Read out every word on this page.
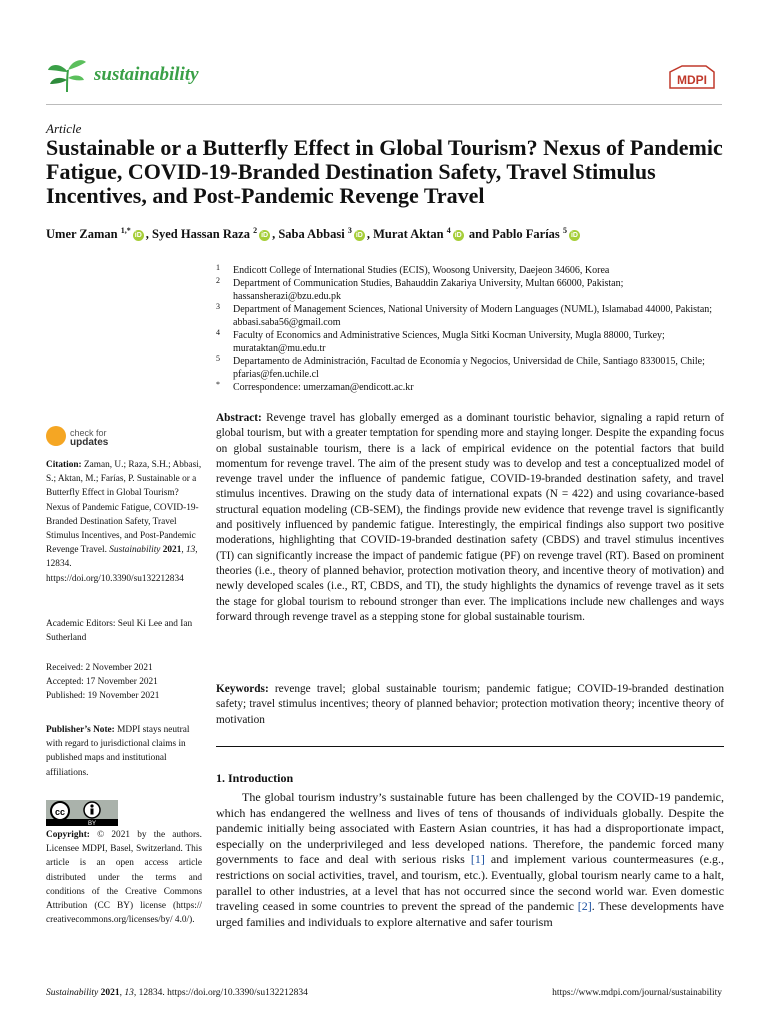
sustainability	MDPI
Article
Sustainable or a Butterfly Effect in Global Tourism? Nexus of Pandemic Fatigue, COVID-19-Branded Destination Safety, Travel Stimulus Incentives, and Post-Pandemic Revenge Travel
Umer Zaman $^{1,*}$iD , Syed Hassan Raza $^2$iD , Saba Abbasi $^3$iD , Murat Aktan $^4$iD and Pablo Farías $^5$iD
1 Endicott College of International Studies (ECIS), Woosong University, Daejeon 34606, Korea
2 Department of Communication Studies, Bahauddin Zakariya University, Multan 66000, Pakistan; hassansherazi@bzu.edu.pk
3 Department of Management Sciences, National University of Modern Languages (NUML), Islamabad 44000, Pakistan; abbasi.saba56@gmail.com
4 Faculty of Economics and Administrative Sciences, Mugla Sitki Kocman University, Mugla 88000, Turkey; murataktan@mu.edu.tr
5 Departamento de Administración, Facultad de Economía y Negocios, Universidad de Chile, Santiago 8330015, Chile; pfarias@fen.uchile.cl
* Correspondence: umerzaman@endicott.ac.kr
check for
updates
Citation: Zaman, U.; Raza, S.H.; Abbasi, S.; Aktan, M.; Farías, P. Sustainable or a Butterfly Effect in Global Tourism? Nexus of Pandemic Fatigue, COVID-19-Branded Destination Safety, Travel Stimulus Incentives, and Post-Pandemic Revenge Travel. Sustainability 2021, 13, 12834. https://doi.org/10.3390/su132212834
Academic Editors: Seul Ki Lee and Ian Sutherland
Received: 2 November 2021
Accepted: 17 November 2021
Published: 19 November 2021
Publisher’s Note: MDPI stays neutral with regard to jurisdictional claims in published maps and institutional affiliations.
cc
BY
Copyright: © 2021 by the authors. Licensee MDPI, Basel, Switzerland. This article is an open access article distributed under the terms and conditions of the Creative Commons Attribution (CC BY) license (https:// creativecommons.org/licenses/by/ 4.0/).
Abstract: Revenge travel has globally emerged as a dominant touristic behavior, signaling a rapid return of global tourism, but with a greater temptation for spending more and staying longer. Despite the expanding focus on global sustainable tourism, there is a lack of empirical evidence on the potential factors that build momentum for revenge travel. The aim of the present study was to develop and test a conceptualized model of revenge travel under the influence of pandemic fatigue, COVID-19-branded destination safety, and travel stimulus incentives. Drawing on the study data of international expats (N = 422) and using covariance-based structural equation modeling (CB-SEM), the findings provide new evidence that revenge travel is significantly and positively influenced by pandemic fatigue. Interestingly, the empirical findings also support two positive moderations, highlighting that COVID-19-branded destination safety (CBDS) and travel stimulus incentives (TI) can significantly increase the impact of pandemic fatigue (PF) on revenge travel (RT). Based on prominent theories (i.e., theory of planned behavior, protection motivation theory, and incentive theory of motivation) and newly developed scales (i.e., RT, CBDS, and TI), the study highlights the dynamics of revenge travel as it sets the stage for global tourism to rebound stronger than ever. The implications include new challenges and ways forward through revenge travel as a stepping stone for global sustainable tourism.
Keywords: revenge travel; global sustainable tourism; pandemic fatigue; COVID-19-branded destination safety; travel stimulus incentives; theory of planned behavior; protection motivation theory; incentive theory of motivation
1. Introduction
The global tourism industry’s sustainable future has been challenged by the COVID-19 pandemic, which has endangered the wellness and lives of tens of thousands of individuals globally. Despite the pandemic initially being associated with Eastern Asian countries, it has had a disproportionate impact, especially on the underprivileged and less developed nations. Therefore, the pandemic forced many governments to face and deal with serious risks [1] and implement various countermeasures (e.g., restrictions on social activities, travel, and tourism, etc.). Eventually, global tourism nearly came to a halt, parallel to other industries, at a level that has not occurred since the second world war. Even domestic traveling ceased in some countries to prevent the spread of the pandemic [2]. These developments have urged families and individuals to explore alternative and safer tourism
Sustainability 2021, 13, 12834. https://doi.org/10.3390/su132212834	https://www.mdpi.com/journal/sustainability
